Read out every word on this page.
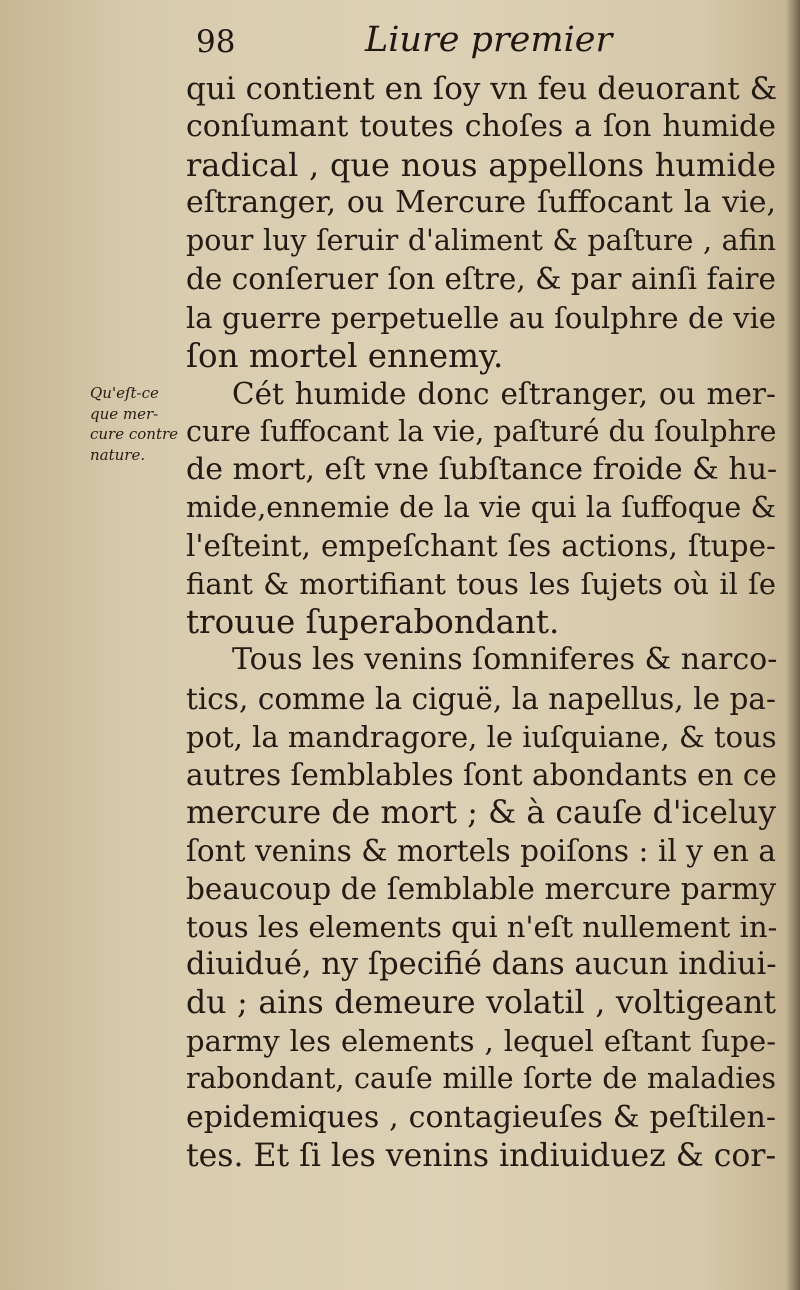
98	Liure premier
Qu'eſt-ce
que mer-
cure contre
nature.
qui contient en ſoy vn feu deuorant &
conſumant toutes choſes a ſon humide
radical , que nous appellons humide
eſtranger, ou Mercure ſuffocant la vie,
pour luy ſeruir d'aliment & paſture , afin
de conſeruer ſon eſtre, & par ainſi faire
la guerre perpetuelle au ſoulphre de vie
ſon mortel ennemy.
Cét humide donc eſtranger, ou mer-
cure ſuffocant la vie, paſturé du ſoulphre
de mort, eſt vne ſubſtance froide & hu-
mide,ennemie de la vie qui la ſuffoque &
l'eſteint, empeſchant ſes actions, ſtupe-
fiant & mortifiant tous les ſujets où il ſe
trouue ſuperabondant.
Tous les venins ſomniferes & narco-
tics, comme la ciguë, la napellus, le pa-
pot, la mandragore, le iuſquiane, & tous
autres ſemblables ſont abondants en ce
mercure de mort ; & à cauſe d'iceluy
ſont venins & mortels poiſons : il y en a
beaucoup de ſemblable mercure parmy
tous les elements qui n'eſt nullement in-
diuidué, ny ſpecifié dans aucun indiui-
du ; ains demeure volatil , voltigeant
parmy les elements , lequel eſtant ſupe-
rabondant, cauſe mille ſorte de maladies
epidemiques , contagieuſes & peſtilen-
tes. Et ſi les venins indiuiduez & cor-
